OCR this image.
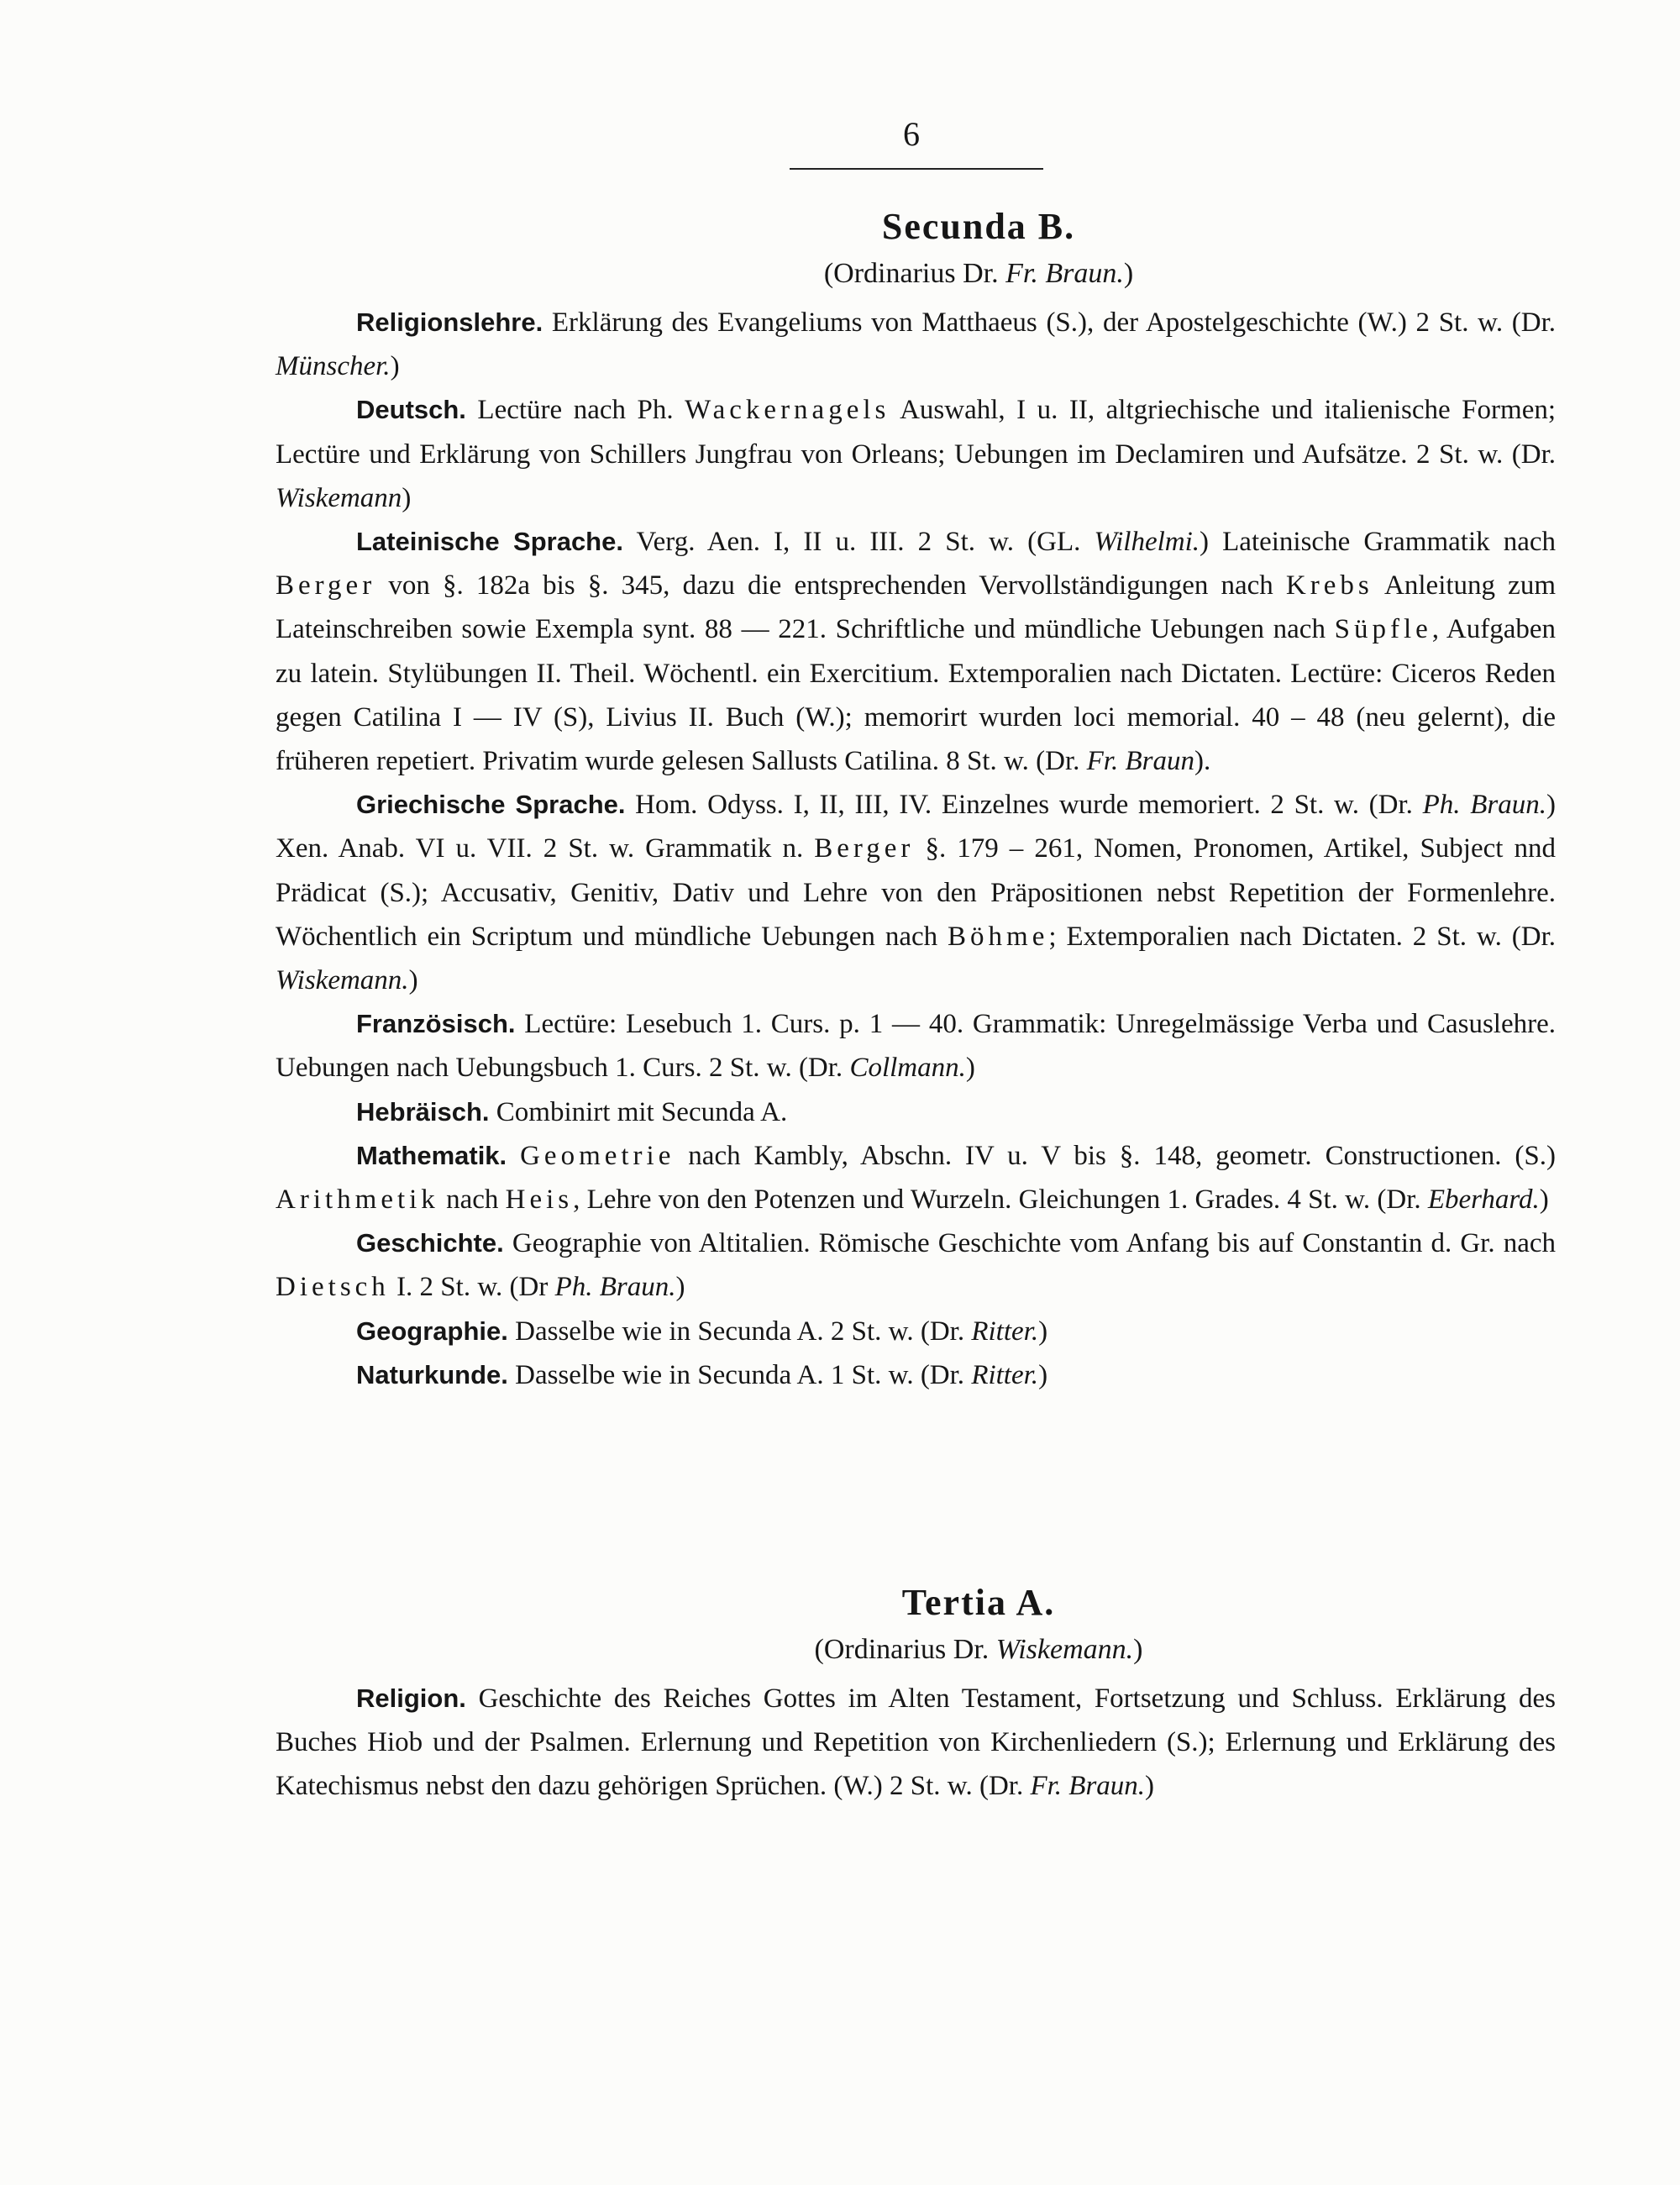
6
Secunda B.
(Ordinarius Dr. Fr. Braun.)

Religionslehre. Erklärung des Evangeliums von Matthaeus (S.), der Apostelgeschichte (W.) 2 St. w. (Dr. Münscher.)

Deutsch. Lectüre nach Ph. Wackernagels Auswahl, I u. II, altgriechische und italienische Formen; Lectüre und Erklärung von Schillers Jungfrau von Orleans; Uebungen im Declamiren und Aufsätze. 2 St. w. (Dr. Wiskemann)

Lateinische Sprache. Verg. Aen. I, II u. III. 2 St. w. (GL. Wilhelmi.) Lateinische Grammatik nach Berger von §. 182a bis §. 345, dazu die entsprechenden Vervollständigungen nach Krebs Anleitung zum Lateinschreiben sowie Exempla synt. 88 — 221. Schriftliche und mündliche Uebungen nach Süpfle, Aufgaben zu latein. Stylübungen II. Theil. Wöchentl. ein Exercitium. Extemporalien nach Dictaten. Lectüre: Ciceros Reden gegen Catilina I — IV (S), Livius II. Buch (W.); memorirt wurden loci memorial. 40 – 48 (neu gelernt), die früheren repetiert. Privatim wurde gelesen Sallusts Catilina. 8 St. w. (Dr. Fr. Braun).

Griechische Sprache. Hom. Odyss. I, II, III, IV. Einzelnes wurde memoriert. 2 St. w. (Dr. Ph. Braun.) Xen. Anab. VI u. VII. 2 St. w. Grammatik n. Berger §. 179 – 261, Nomen, Pronomen, Artikel, Subject nnd Prädicat (S.); Accusativ, Genitiv, Dativ und Lehre von den Präpositionen nebst Repetition der Formenlehre. Wöchentlich ein Scriptum und mündliche Uebungen nach Böhme; Extemporalien nach Dictaten. 2 St. w. (Dr. Wiskemann.)

Französisch. Lectüre: Lesebuch 1. Curs. p. 1 — 40. Grammatik: Unregelmässige Verba und Casuslehre. Uebungen nach Uebungsbuch 1. Curs. 2 St. w. (Dr. Collmann.)

Hebräisch. Combinirt mit Secunda A.

Mathematik. Geometrie nach Kambly, Abschn. IV u. V bis §. 148, geometr. Constructionen. (S.) Arithmetik nach Heis, Lehre von den Potenzen und Wurzeln. Gleichungen 1. Grades. 4 St. w. (Dr. Eberhard.)

Geschichte. Geographie von Altitalien. Römische Geschichte vom Anfang bis auf Constantin d. Gr. nach Dietsch I. 2 St. w. (Dr Ph. Braun.)

Geographie. Dasselbe wie in Secunda A. 2 St. w. (Dr. Ritter.)

Naturkunde. Dasselbe wie in Secunda A. 1 St. w. (Dr. Ritter.)

Tertia A.
(Ordinarius Dr. Wiskemann.)

Religion. Geschichte des Reiches Gottes im Alten Testament, Fortsetzung und Schluss. Erklärung des Buches Hiob und der Psalmen. Erlernung und Repetition von Kirchenliedern (S.); Erlernung und Erklärung des Katechismus nebst den dazu gehörigen Sprüchen. (W.) 2 St. w. (Dr. Fr. Braun.)
